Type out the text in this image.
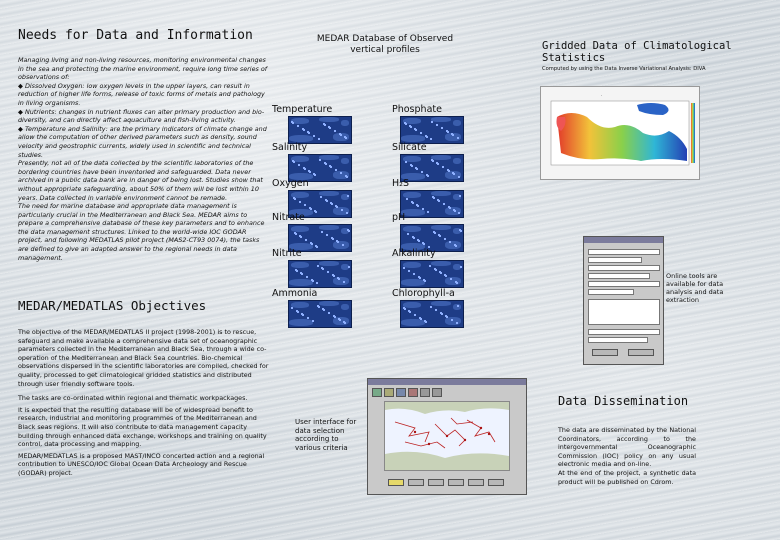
Needs for Data and Information

Managing living and non-living resources, monitoring environmental changes in the sea and protecting the marine environment, require long time series of observations of:

◆ Dissolved Oxygen: low oxygen levels in the upper layers, can result in reduction of higher life forms, release of toxic forms of metals and pathology in living organisms.

◆ Nutrients: changes in nutrient fluxes can alter primary production and bio-diversity, and can directly affect aquaculture and fish-living activity.

◆ Temperature and Salinity: are the primary indicators of climate change and allow the computation of other derived parameters such as density, sound velocity and geostrophic currents, widely used in scientific and technical studies.

Presently, not all of the data collected by the scientific laboratories of the bordering countries have been inventoried and safeguarded. Data never archived in a public data bank are in danger of being lost. Studies show that without appropriate safeguarding, about 50% of them will be lost within 10 years. Data collected in variable environment cannot be remade.

The need for marine database and appropriate data management is particularly crucial in the Mediterranean and Black Sea. MEDAR aims to prepare a comprehensive database of these key parameters and to enhance the data management structures. Linked to the world-wide IOC GODAR project, and following MEDATLAS pilot project (MAS2-CT93 0074), the tasks are defined to give an adapted answer to the regional needs in data management.

MEDAR/MEDATLAS Objectives

The objective of the MEDAR/MEDATLAS II project (1998-2001) is to rescue, safeguard and make available a comprehensive data set of oceanographic parameters collected in the Mediterranean and Black Sea, through a wide co-operation of the Mediterranean and Black Sea countries. Bio-chemical observations dispersed in the scientific laboratories are compiled, checked for quality, processed to get climatological gridded statistics and distributed through user friendly software tools.

The tasks are co-ordinated within regional and thematic workpackages.

It is expected that the resulting database will be of widespread benefit to research, industrial and monitoring programmes of the Mediterranean and Black seas regions. It will also contribute to data management capacity building through enhanced data exchange, workshops and training on quality control, data processing and mapping.

MEDAR/MEDATLAS is a proposed MAST/INCO concerted action and a regional contribution to UNESCO/IOC Global Ocean Data Archeology and Rescue (GODAR) project.

MEDAR Database of Observed
vertical profiles
Temperature	Phosphate
Salinity	Silicate
Oxygen	H₂S
Nitrate	pH
Nitrite	Alkalinity
Ammonia	Chlorophyll-a
User interface for data selection according to various criteria
Gridded Data of Climatological Statistics
Computed by using the Data Inverse Variational Analysis: DIVA
·
Online tools are available for data analysis and data extraction
Data Dissemination

The data are disseminated by the National Coordinators, according to the intergovernmental Oceanographic Commission (IOC) policy on any usual electronic media and on-line.

At the end of the project, a synthetic data product will be published on Cdrom.
